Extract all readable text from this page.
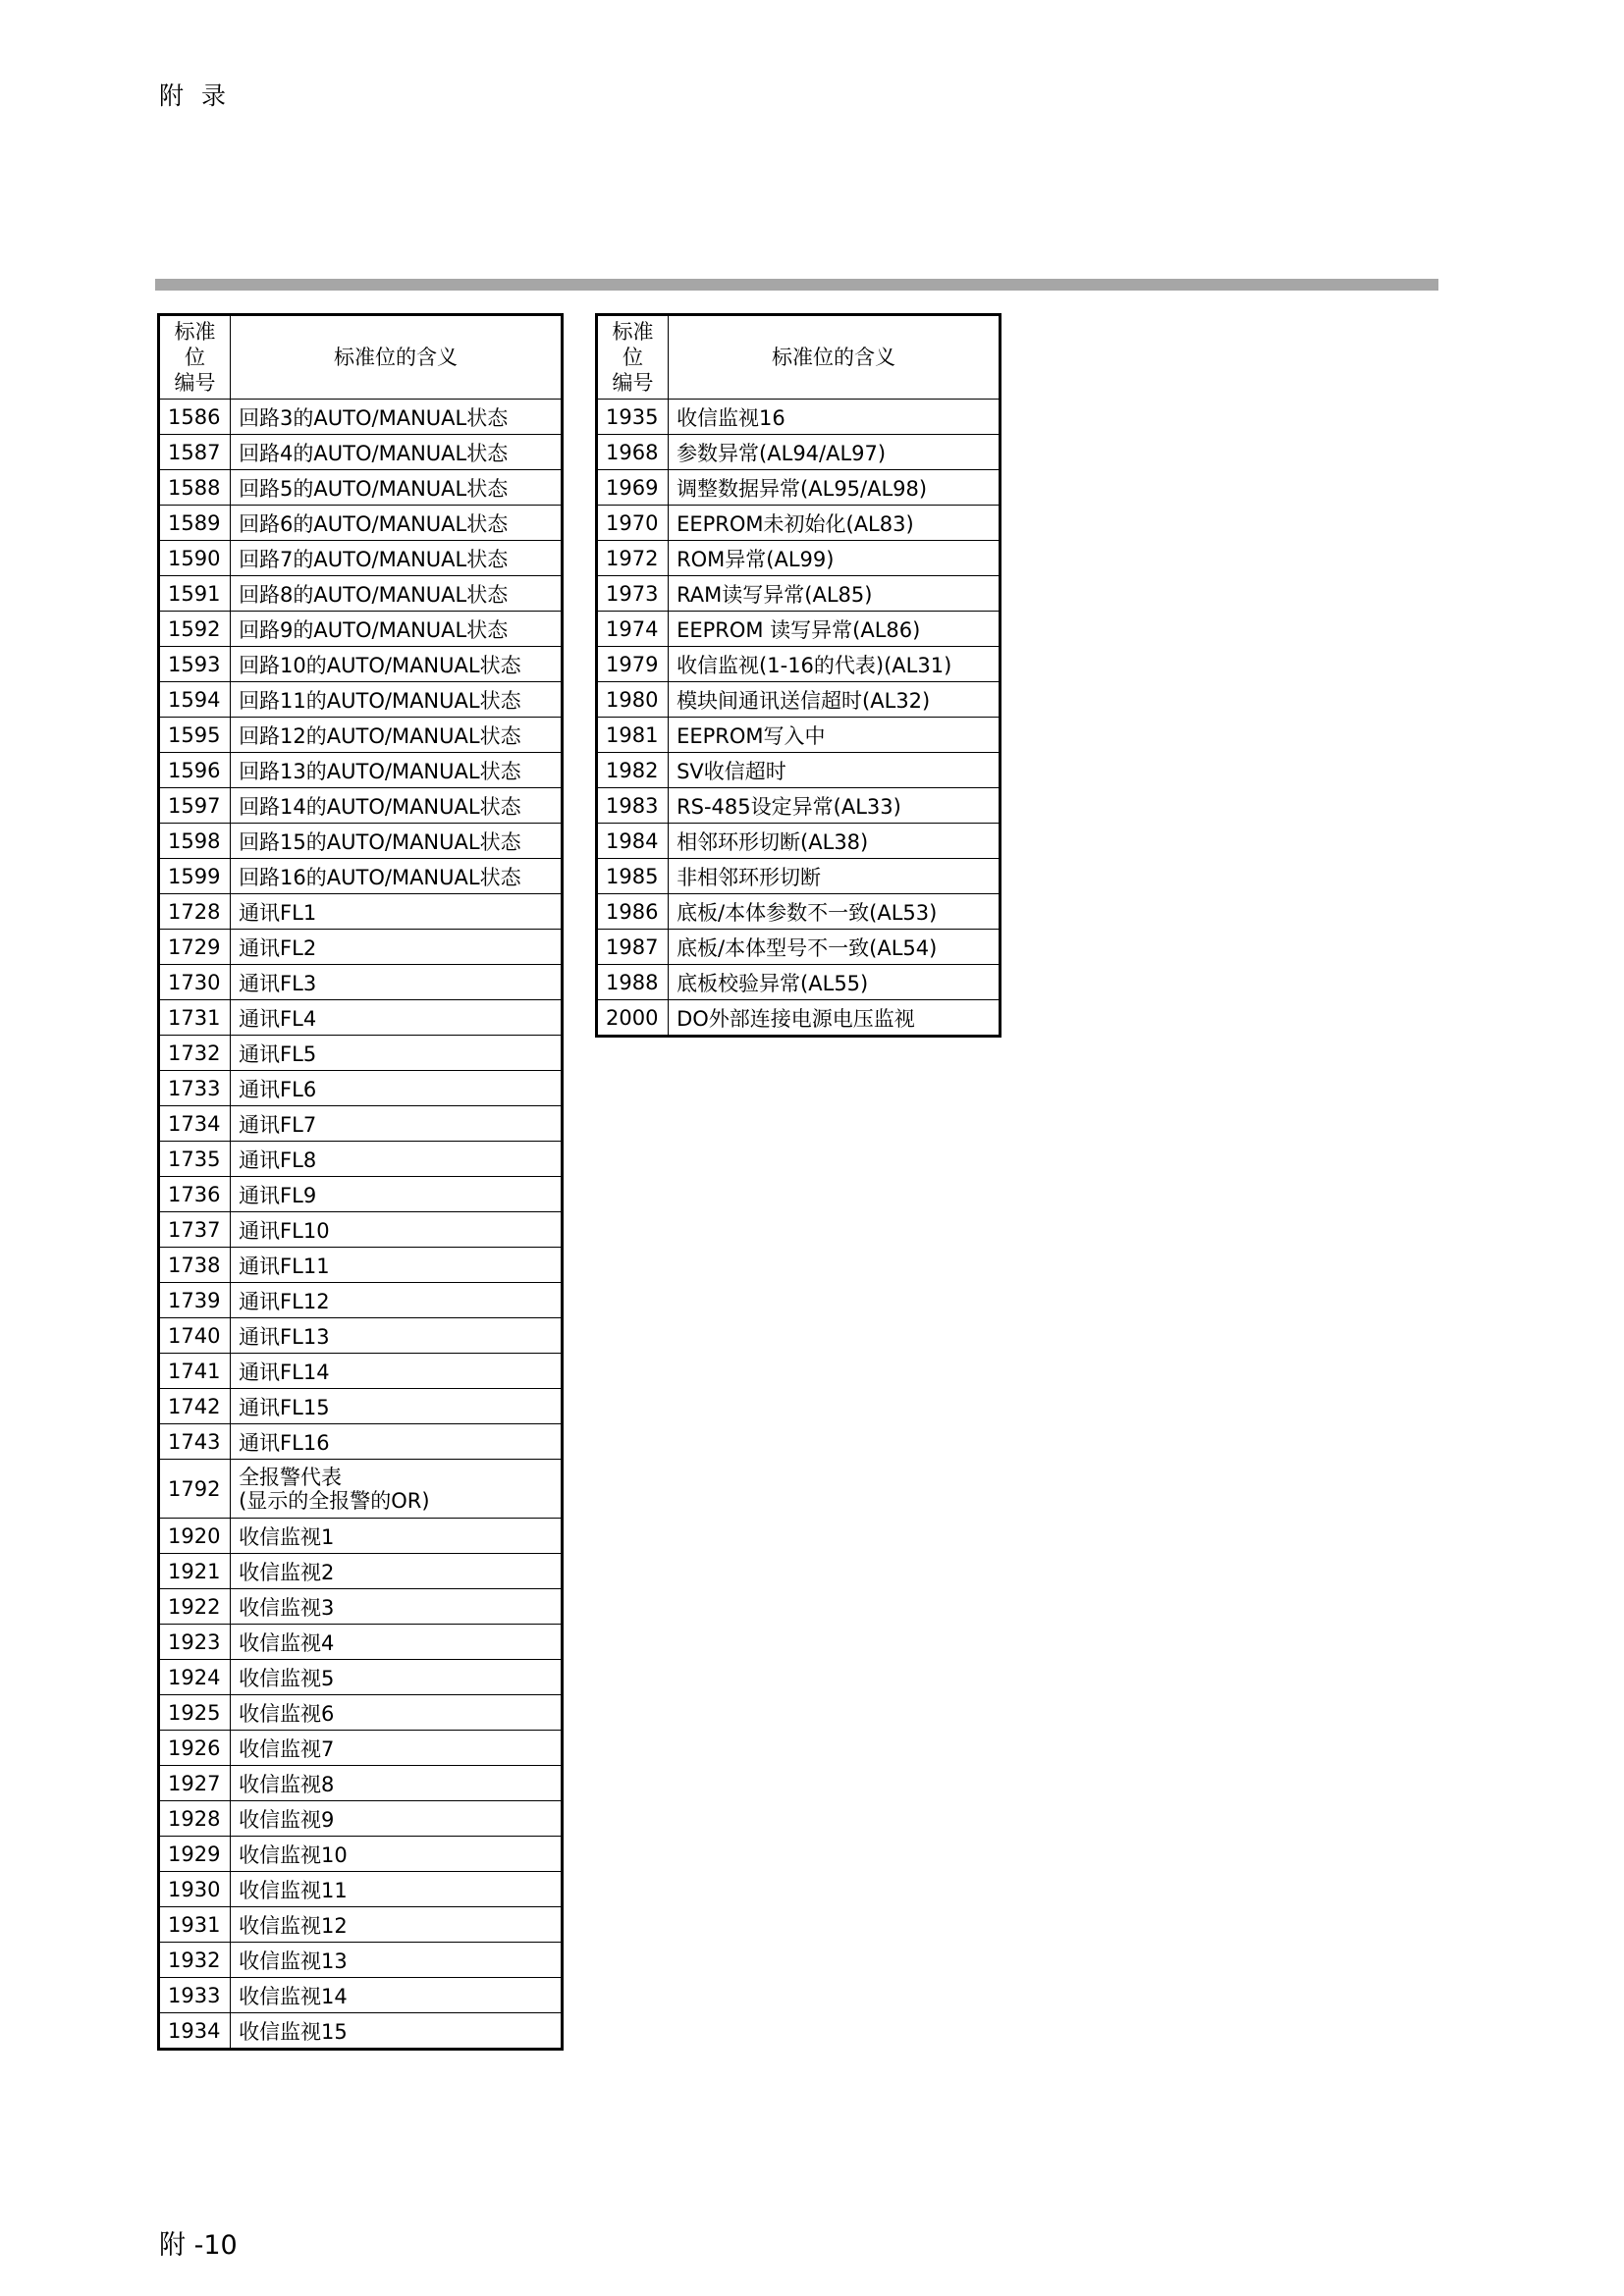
附录
标准
位
编号	标准位的含义
1586	回路3的AUTO/MANUAL状态
1587	回路4的AUTO/MANUAL状态
1588	回路5的AUTO/MANUAL状态
1589	回路6的AUTO/MANUAL状态
1590	回路7的AUTO/MANUAL状态
1591	回路8的AUTO/MANUAL状态
1592	回路9的AUTO/MANUAL状态
1593	回路10的AUTO/MANUAL状态
1594	回路11的AUTO/MANUAL状态
1595	回路12的AUTO/MANUAL状态
1596	回路13的AUTO/MANUAL状态
1597	回路14的AUTO/MANUAL状态
1598	回路15的AUTO/MANUAL状态
1599	回路16的AUTO/MANUAL状态
1728	通讯FL1
1729	通讯FL2
1730	通讯FL3
1731	通讯FL4
1732	通讯FL5
1733	通讯FL6
1734	通讯FL7
1735	通讯FL8
1736	通讯FL9
1737	通讯FL10
1738	通讯FL11
1739	通讯FL12
1740	通讯FL13
1741	通讯FL14
1742	通讯FL15
1743	通讯FL16
1792	全报警代表
(显示的全报警的OR)
1920	收信监视1
1921	收信监视2
1922	收信监视3
1923	收信监视4
1924	收信监视5
1925	收信监视6
1926	收信监视7
1927	收信监视8
1928	收信监视9
1929	收信监视10
1930	收信监视11
1931	收信监视12
1932	收信监视13
1933	收信监视14
1934	收信监视15
标准
位
编号	标准位的含义
1935	收信监视16
1968	参数异常(AL94/AL97)
1969	调整数据异常(AL95/AL98)
1970	EEPROM未初始化(AL83)
1972	ROM异常(AL99)
1973	RAM读写异常(AL85)
1974	EEPROM 读写异常(AL86)
1979	收信监视(1-16的代表)(AL31)
1980	模块间通讯送信超时(AL32)
1981	EEPROM写入中
1982	SV收信超时
1983	RS-485设定异常(AL33)
1984	相邻环形切断(AL38)
1985	非相邻环形切断
1986	底板/本体参数不一致(AL53)
1987	底板/本体型号不一致(AL54)
1988	底板校验异常(AL55)
2000	DO外部连接电源电压监视
附 -10
